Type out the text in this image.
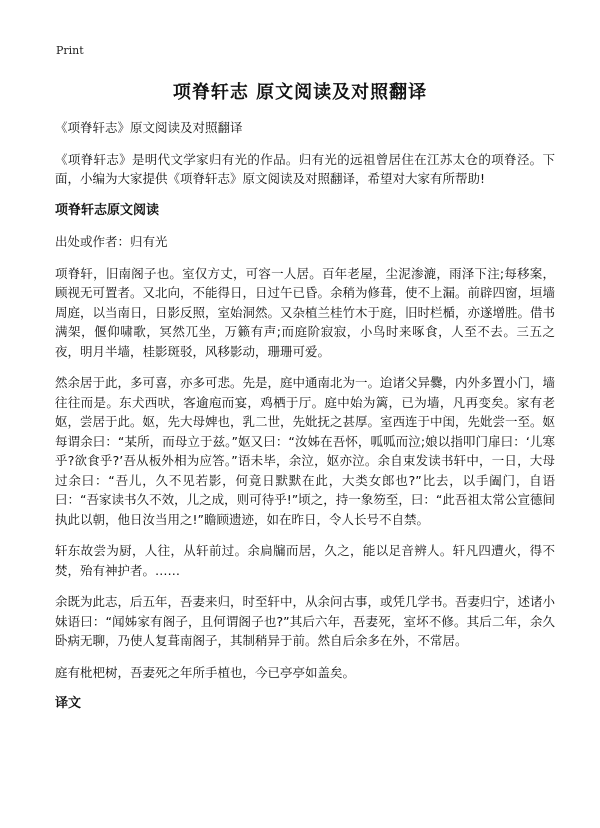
Print
项脊轩志 原文阅读及对照翻译

《项脊轩志》原文阅读及对照翻译

《项脊轩志》是明代文学家归有光的作品。归有光的远祖曾居住在江苏太仓的项脊泾。下面，小编为大家提供《项脊轩志》原文阅读及对照翻译，希望对大家有所帮助!

项脊轩志原文阅读

出处或作者：归有光

项脊轩，旧南阁子也。室仅方丈，可容一人居。百年老屋，尘泥渗漉，雨泽下注;每移案，顾视无可置者。又北向，不能得日，日过午已昏。余稍为修葺，使不上漏。前辟四窗，垣墙周庭，以当南日，日影反照，室始洞然。又杂植兰桂竹木于庭，旧时栏楯，亦遂增胜。借书满架，偃仰啸歌，冥然兀坐，万籁有声;而庭阶寂寂，小鸟时来啄食，人至不去。三五之夜，明月半墙，桂影斑驳，风移影动，珊珊可爱。

然余居于此，多可喜，亦多可悲。先是，庭中通南北为一。迨诸父异爨，内外多置小门，墙往往而是。东犬西吠，客逾庖而宴，鸡栖于厅。庭中始为篱，已为墙，凡再变矣。家有老妪，尝居于此。妪，先大母婢也，乳二世，先妣抚之甚厚。室西连于中闺，先妣尝一至。妪每谓余曰：“某所，而母立于兹。”妪又曰：“汝姊在吾怀，呱呱而泣;娘以指叩门扉曰：‘儿寒乎?欲食乎?’吾从板外相为应答。”语未毕，余泣，妪亦泣。余自束发读书轩中，一日，大母过余曰：“吾儿，久不见若影，何竟日默默在此，大类女郎也?”比去，以手阖门，自语曰：“吾家读书久不效，儿之成，则可待乎!”顷之，持一象笏至，曰：“此吾祖太常公宣德间执此以朝，他日汝当用之!”瞻顾遗迹，如在昨日，令人长号不自禁。

轩东故尝为厨，人往，从轩前过。余扃牖而居，久之，能以足音辨人。轩凡四遭火，得不焚，殆有神护者。……

余既为此志，后五年，吾妻来归，时至轩中，从余问古事，或凭几学书。吾妻归宁，述诸小妹语曰：“闻姊家有阁子，且何谓阁子也?”其后六年，吾妻死，室坏不修。其后二年，余久卧病无聊，乃使人复葺南阁子，其制稍异于前。然自后余多在外，不常居。

庭有枇杷树，吾妻死之年所手植也，今已亭亭如盖矣。

译文
